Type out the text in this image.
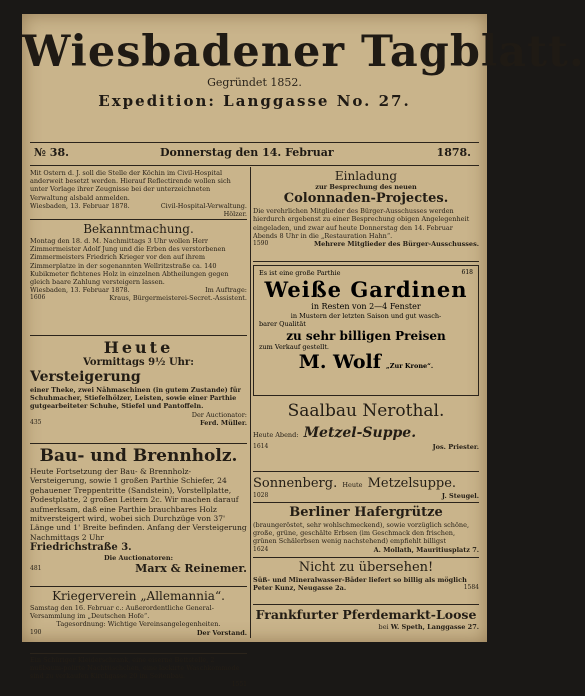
Wiesbadener Tagblatt.
Gegründet 1852.
Expedition: Langgasse No. 27.
№ 38.	Donnerstag den 14. Februar	1878.
Mit Ostern d. J. soll die Stelle der Köchin im Civil-Hospital anderweit besetzt werden. Hierauf Reflectirende wollen sich unter Vorlage ihrer Zeugnisse bei der unterzeichneten Verwaltung alsbald anmelden.
Wiesbaden, 13. Februar 1878.	Civil-Hospital-Verwaltung.
Hölzer.
Bekanntmachung.
Montag den 18. d. M. Nachmittags 3 Uhr wollen Herr Zimmermeister Adolf Jung und die Erben des verstorbenen Zimmermeisters Friedrich Krieger vor den auf ihrem Zimmerplatze in der sogenannten Wellritzstraße ca. 140 Kubikmeter fichtenes Holz in einzelnen Abtheilungen gegen gleich baare Zahlung versteigern lassen.
Wiesbaden, 13. Februar 1878.	Im Auftrage:
1606	Kraus, Bürgermeisterei-Secret.-Assistent.
Heute
Vormittags 9½ Uhr:
Versteigerung
einer Theke, zwei Nähmaschinen (in gutem Zustande) für Schuhmacher, Stiefelhölzer, Leisten, sowie einer Parthie gutgearbeiteter Schuhe, Stiefel und Pantoffeln.
Der Auctionator:
435	Ferd. Müller.
Bau- und Brennholz.
Heute Fortsetzung der Bau- & Brennholz-Versteigerung, sowie 1 großen Parthie Schiefer, 24 gehauener Treppentritte (Sandstein), Vorstellplatte, Podestplatte, 2 großen Leitern 2c. Wir machen darauf aufmerksam, daß eine Parthie brauchbares Holz mitversteigert wird, wobei sich Durchzüge von 37' Länge und 1' Breite befinden. Anfang der Versteigerung Nachmittags 2 Uhr
Friedrichstraße 3.
Die Auctionatoren:
481	Marx & Reinemer.
Kriegerverein „Allemannia“.
Samstag den 16. Februar c.: Außerordentliche General-Versammlung im „Deutschen Hofe“.
Tagesordnung: Wichtige Vereinsangelegenheiten.
190	Der Vorstand.
Ein Schüriger Kleiderschrank, eine eiserne Bettstelle, 2 nußbaum-polirte Nachttischchen, eine lackirte Waschkommode sind zu verkaufen Kirchgasse 20 im Seitenbau.
1551
Einladung
zur Besprechung des neuen
Colonnaden-Projectes.
Die verehrlichen Mitglieder des Bürger-Ausschusses werden hierdurch ergebenst zu einer Besprechung obigen Angelegenheit eingeladen, und zwar auf heute Donnerstag den 14. Februar Abends 8 Uhr in die „Restauration Hahn“.
1590	Mehrere Mitglieder des Bürger-Ausschusses.
Es ist eine große Parthie	618
Weiße Gardinen
in Resten von 2—4 Fenster
in Mustern der letzten Saison und gut wasch-
barer Qualität
zu sehr billigen Preisen
zum Verkauf gestellt.
M. Wolf „Zur Krone“.
Saalbau Nerothal.
Heute Abend: Metzel-Suppe.
1614	Jos. Priester.
Sonnenberg. Heute Metzelsuppe.
1028	J. Steugel.
Berliner Hafergrütze
(braungeröstet, sehr wohlschmeckend), sowie vorzüglich schöne, große, grüne, geschälte Erbsen (im Geschmack den frischen, grünen Schälerbsen wenig nachstehend) empfiehlt billigst
1624	A. Mollath, Mauritiusplatz 7.
Nicht zu übersehen!
Süß- und Mineralwasser-Bäder liefert so billig als möglich
Peter Kunz, Neugasse 2a.	1584
Frankfurter Pferdemarkt-Loose
bei W. Speth, Langgasse 27.
